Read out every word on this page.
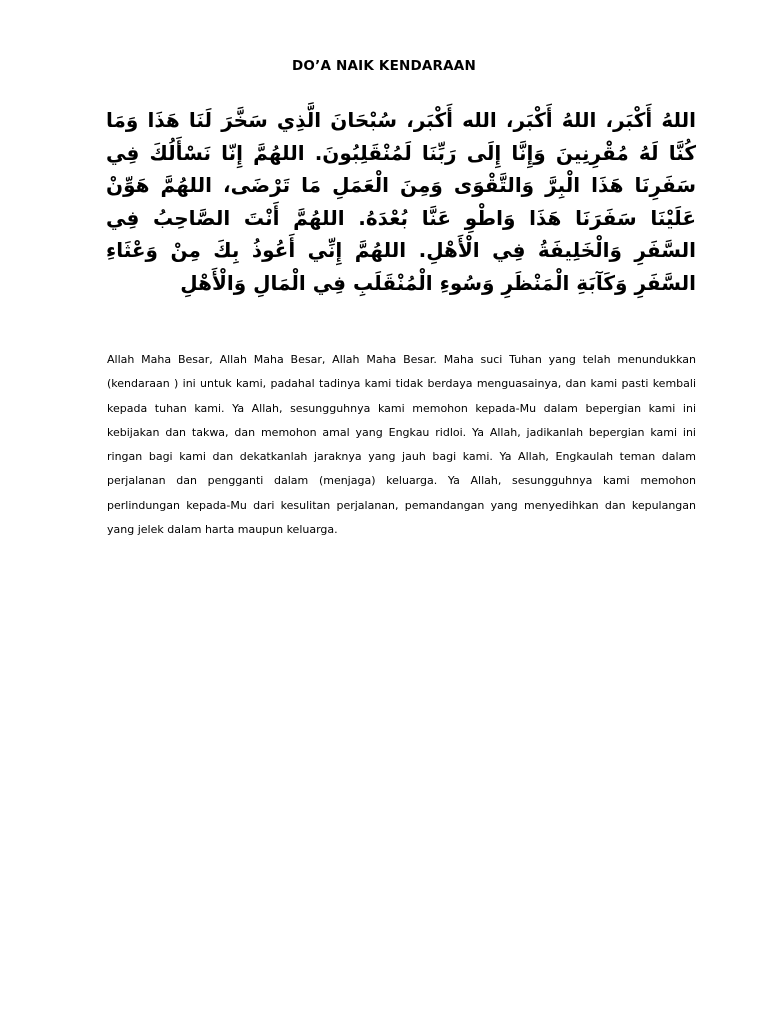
DO’A NAIK KENDARAAN
اللهُ أَكْبَر، اللهُ أَكْبَر، الله أَكْبَر، سُبْحَانَ الَّذِي سَخَّرَ لَنَا هَذَا وَمَا كُنَّا لَهُ مُقْرِنِينَ وَإِنَّا إِلَى رَبِّنَا لَمُنْقَلِبُونَ. اللهُمَّ إِنّا نَسْأَلُكَ فِي سَفَرِنَا هَذَا الْبِرَّ وَالتَّقْوَى وَمِنَ الْعَمَلِ مَا تَرْضَى، اللهُمَّ هَوِّنْ عَلَيْنَا سَفَرَنَا هَذَا وَاطْوِ عَنَّا بُعْدَهُ. اللهُمَّ أَنْتَ الصَّاحِبُ فِي السَّفَرِ وَالْخَلِيفَةُ فِي الْأَهْلِ. اللهُمَّ إِنِّي أَعُوذُ بِكَ مِنْ وَعْثَاءِ السَّفَرِ وَكَآبَةِ الْمَنْظَرِ وَسُوءِ الْمُنْقَلَبِ فِي الْمَالِ وَالْأَهْلِ
Allah Maha Besar, Allah Maha Besar, Allah Maha Besar. Maha suci Tuhan yang telah menundukkan (kendaraan ) ini untuk kami, padahal tadinya kami tidak berdaya menguasainya, dan kami pasti kembali kepada tuhan kami. Ya Allah, sesungguhnya kami memohon kepada-Mu dalam bepergian kami ini kebijakan dan takwa, dan memohon amal yang Engkau ridloi. Ya Allah, jadikanlah bepergian kami ini ringan bagi kami dan dekatkanlah jaraknya yang jauh bagi kami. Ya Allah, Engkaulah teman dalam perjalanan dan pengganti dalam (menjaga) keluarga. Ya Allah, sesungguhnya kami memohon perlindungan kepada-Mu dari kesulitan perjalanan, pemandangan yang menyedihkan dan kepulangan yang jelek dalam harta maupun keluarga.
